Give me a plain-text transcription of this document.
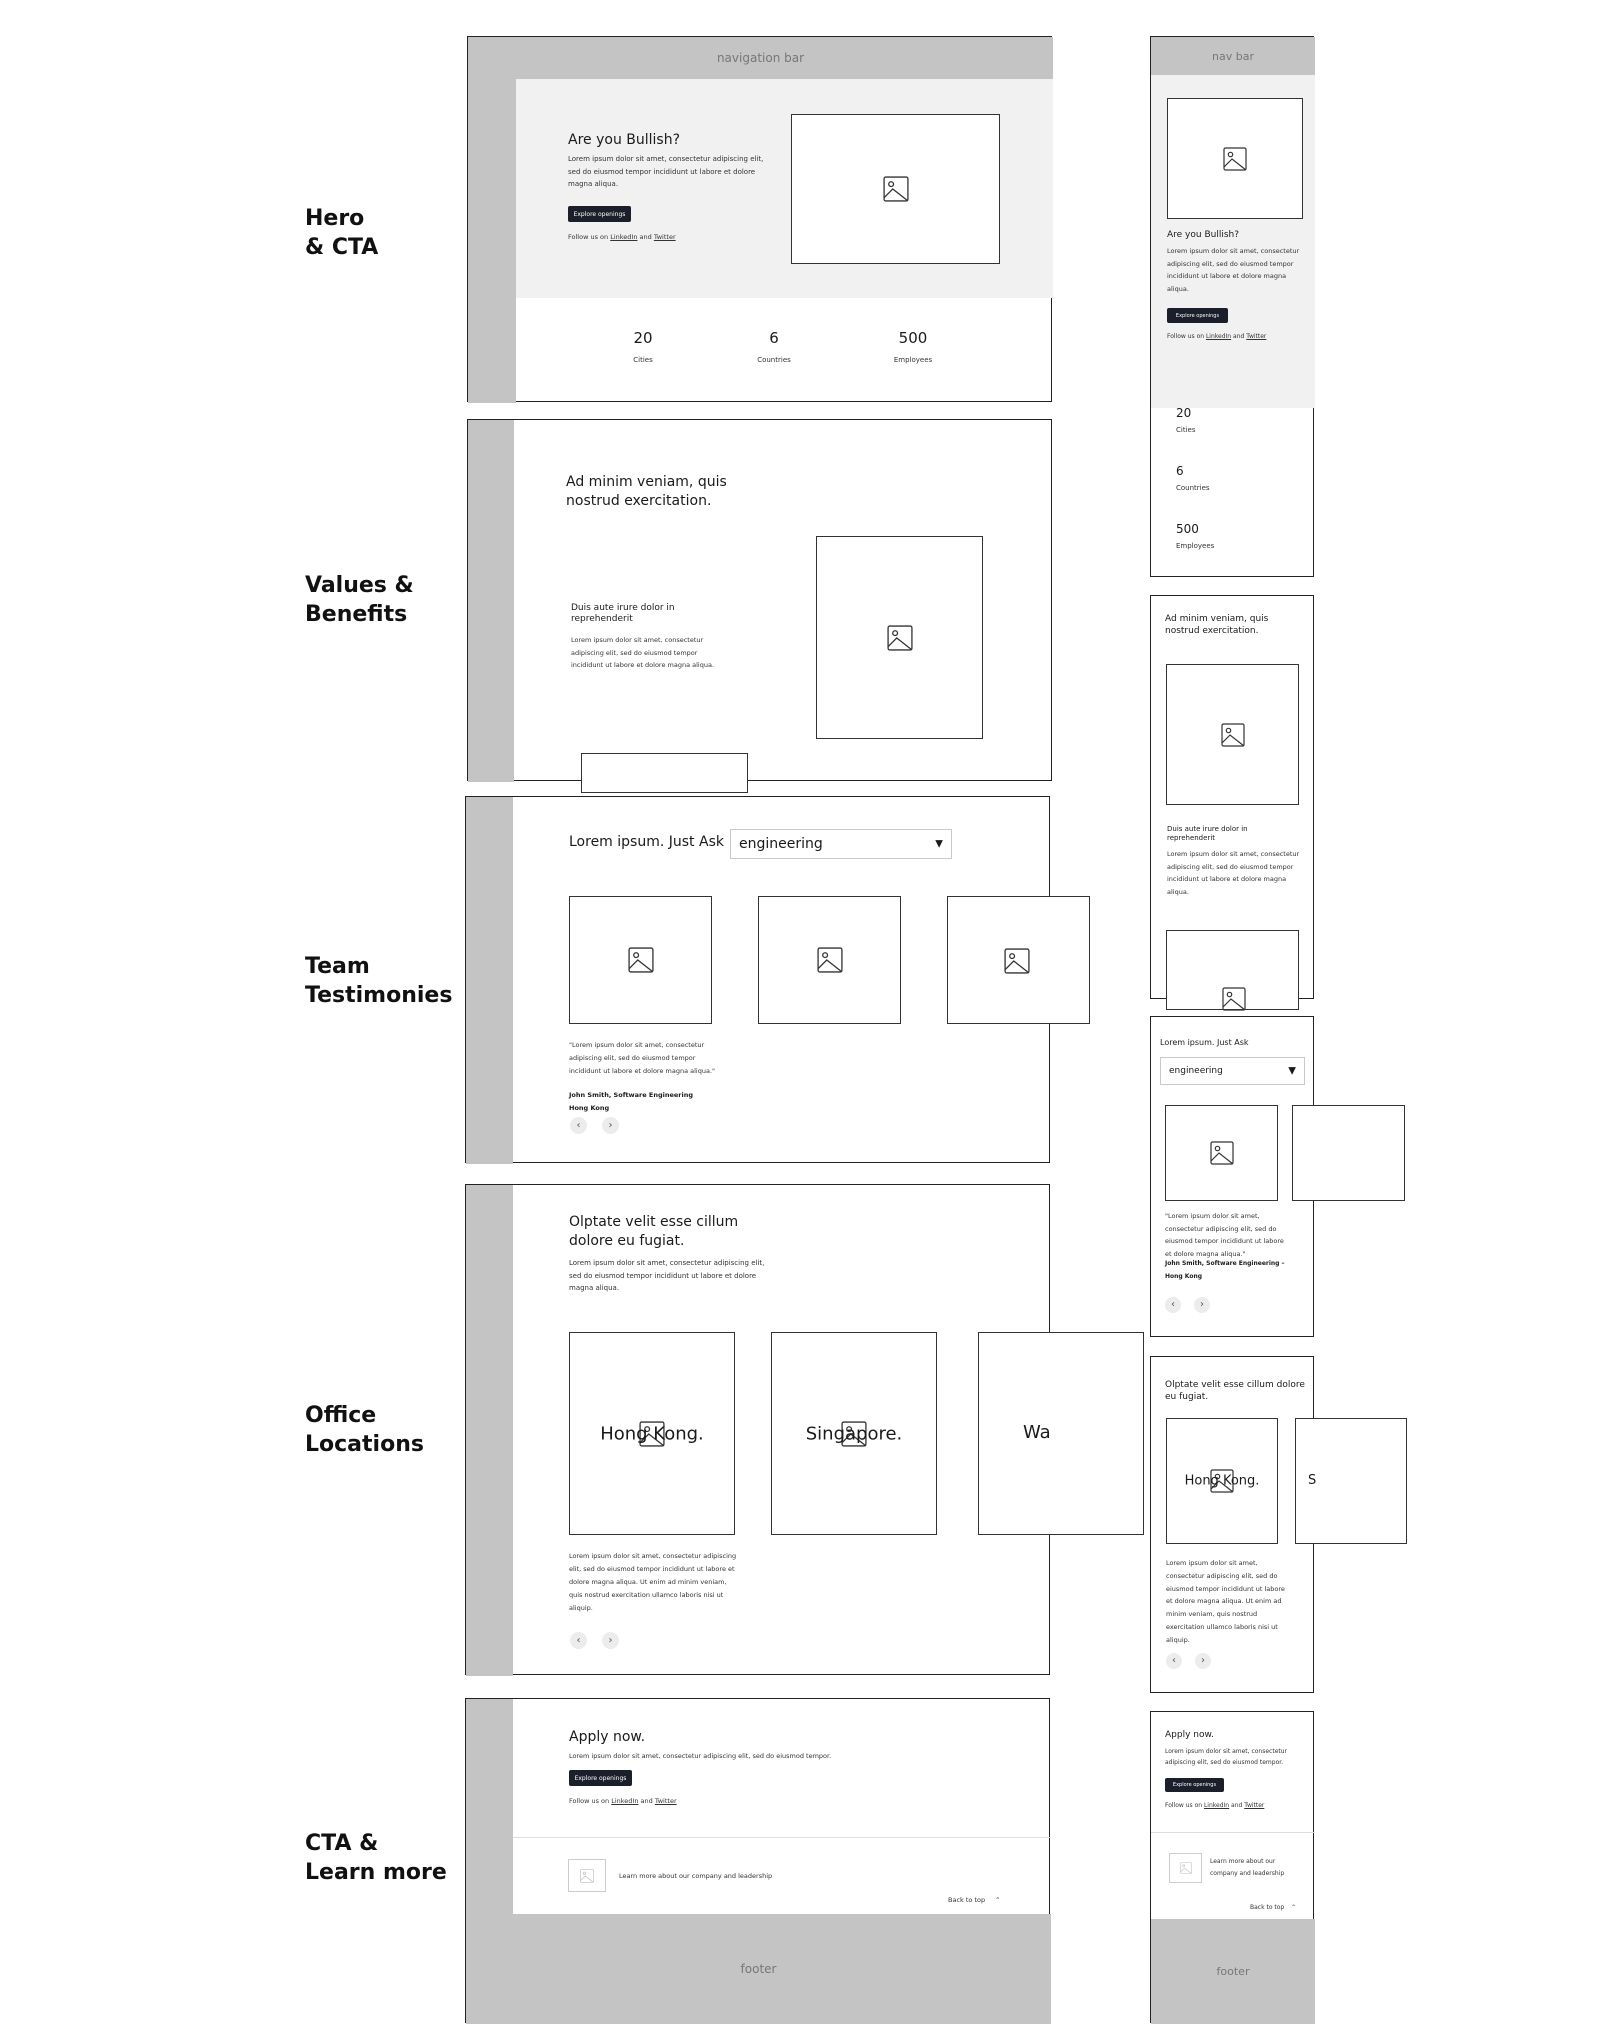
Hero
& CTA
Values &
Benefits
Team
Testimonies
Office
Locations
CTA &
Learn more
navigation bar
Are you Bullish?
Lorem ipsum dolor sit amet, consectetur adipiscing elit, sed do eiusmod tempor incididunt ut labore et dolore magna aliqua.
Explore openings
Follow us on LinkedIn and Twitter
20
Cities
6
Countries
500
Employees
Ad minim veniam, quis nostrud exercitation.
Duis aute irure dolor in reprehenderit
Lorem ipsum dolor sit amet, consectetur adipiscing elit, sed do eiusmod tempor incididunt ut labore et dolore magna aliqua.
Lorem ipsum. Just Ask engineering	▼
"Lorem ipsum dolor sit amet, consectetur adipiscing elit, sed do eiusmod tempor incididunt ut labore et dolore magna aliqua."
John Smith, Software Engineering
Hong Kong
‹	›
Olptate velit esse cillum dolore eu fugiat.
Lorem ipsum dolor sit amet, consectetur adipiscing elit, sed do eiusmod tempor incididunt ut labore et dolore magna aliqua.
Hong Kong.	Singapore.	Wa
Lorem ipsum dolor sit amet, consectetur adipiscing elit, sed do eiusmod tempor incididunt ut labore et dolore magna aliqua. Ut enim ad minim veniam, quis nostrud exercitation ullamco laboris nisi ut aliquip.
‹	›
Apply now.
Lorem ipsum dolor sit amet, consectetur adipiscing elit, sed do eiusmod tempor.
Explore openings
Follow us on LinkedIn and Twitter
Learn more about our company and leadership
Back to top ⌃
footer
nav bar
Are you Bullish?
Lorem ipsum dolor sit amet, consectetur adipiscing elit, sed do eiusmod tempor incididunt ut labore et dolore magna aliqua.
Explore openings
Follow us on LinkedIn and Twitter
20
Cities
6
Countries
500
Employees
Ad minim veniam, quis nostrud exercitation.
Duis aute irure dolor in reprehenderit
Lorem ipsum dolor sit amet, consectetur adipiscing elit, sed do eiusmod tempor incididunt ut labore et dolore magna aliqua.
Lorem ipsum. Just Ask
engineering	▼
"Lorem ipsum dolor sit amet, consectetur adipiscing elit, sed do eiusmod tempor incididunt ut labore et dolore magna aliqua."
John Smith, Software Engineering –
Hong Kong
‹	›
Olptate velit esse cillum dolore eu fugiat.
Hong Kong.	S
Lorem ipsum dolor sit amet, consectetur adipiscing elit, sed do eiusmod tempor incididunt ut labore et dolore magna aliqua. Ut enim ad minim veniam, quis nostrud exercitation ullamco laboris nisi ut aliquip.
‹	›
Apply now.
Lorem ipsum dolor sit amet, consectetur adipiscing elit, sed do eiusmod tempor.
Explore openings
Follow us on LinkedIn and Twitter
Learn more about our company and leadership
Back to top ⌃
footer
